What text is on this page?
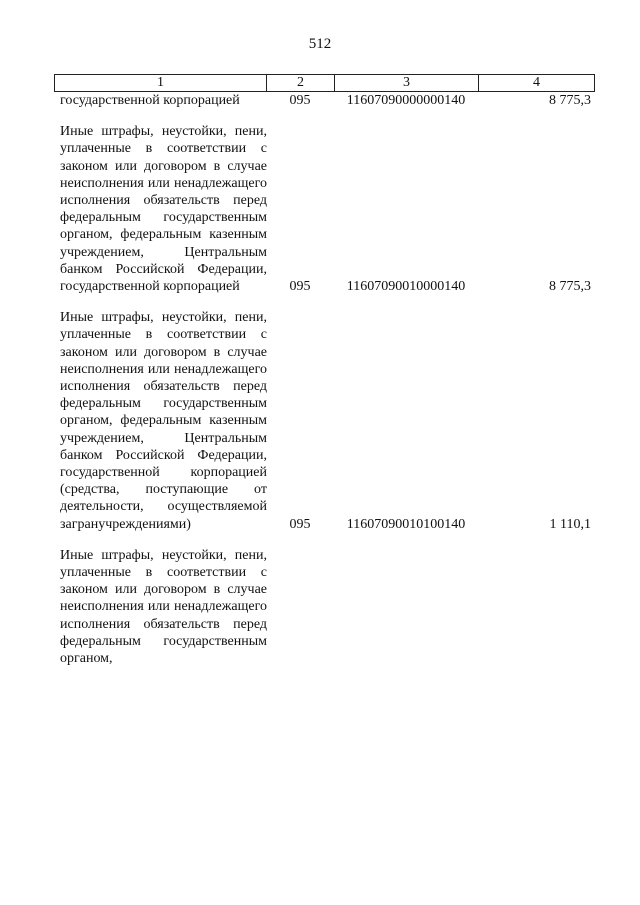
512
1	2	3	4
государственной корпорацией	095	11607090000000140	8 775,3
Иные штрафы, неустойки, пени, уплаченные в соответствии с законом или договором в случае неисполнения или ненадлежащего исполнения обязательств перед федеральным государственным органом, федеральным казенным учреждением, Центральным банком Российской Федерации, государственной корпорацией	095	11607090010000140	8 775,3
Иные штрафы, неустойки, пени, уплаченные в соответствии с законом или договором в случае неисполнения или ненадлежащего исполнения обязательств перед федеральным государственным органом, федеральным казенным учреждением, Центральным банком Российской Федерации, государственной корпорацией (средства, поступающие от деятельности, осуществляемой загранучреждениями)	095	11607090010100140	1 110,1
Иные штрафы, неустойки, пени, уплаченные в соответствии с законом или договором в случае неисполнения или ненадлежащего исполнения обязательств перед федеральным государственным органом,
